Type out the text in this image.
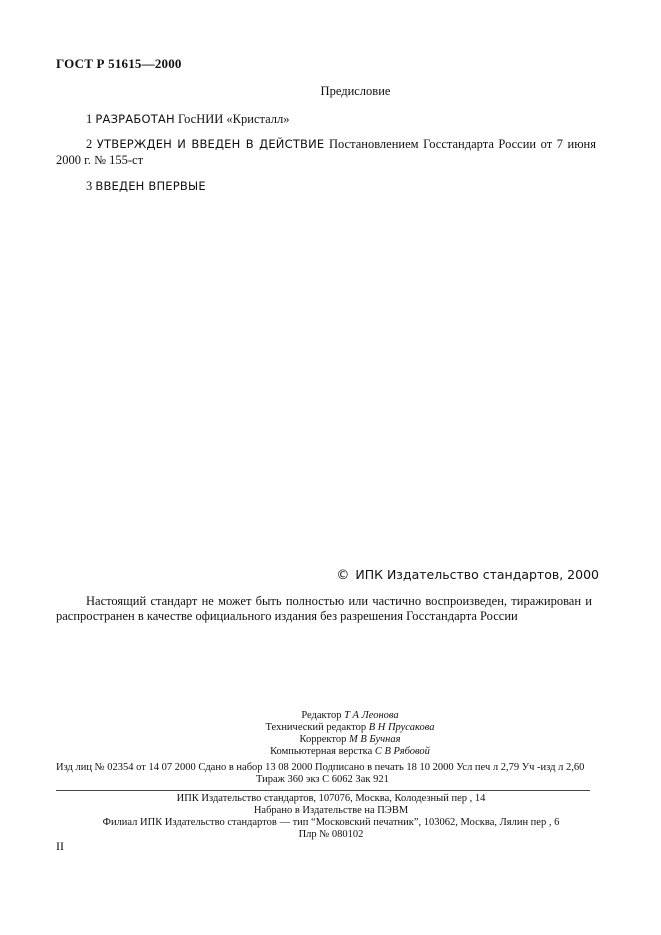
ГОСТ Р 51615—2000
Предисловие

1 РАЗРАБОТАН ГосНИИ «Кристалл»

2 УТВЕРЖДЕН И ВВЕДЕН В ДЕЙСТВИЕ Постановлением Госстандарта России от 7 июня 2000 г. № 155-ст

3 ВВЕДЕН ВПЕРВЫЕ

© ИПК Издательство стандартов, 2000

Настоящий стандарт не может быть полностью или частично воспроизведен, тиражирован и распространен в качестве официального издания без разрешения Госстандарта России

Редактор Т А Леонова
Технический редактор В Н Прусакова
Корректор М В Бучная
Компьютерная верстка С В Рябовой
Изд лиц № 02354 от 14 07 2000 Сдано в набор 13 08 2000 Подписано в печать 18 10 2000 Усл печ л 2,79 Уч -изд л 2,60
Тираж 360 экз С 6062 Зак 921
ИПК Издательство стандартов, 107076, Москва, Колодезный пер , 14
Набрано в Издательстве на ПЭВМ
Филиал ИПК Издательство стандартов — тип “Московский печатник”, 103062, Москва, Лялин пер , 6
Плр № 080102
II
